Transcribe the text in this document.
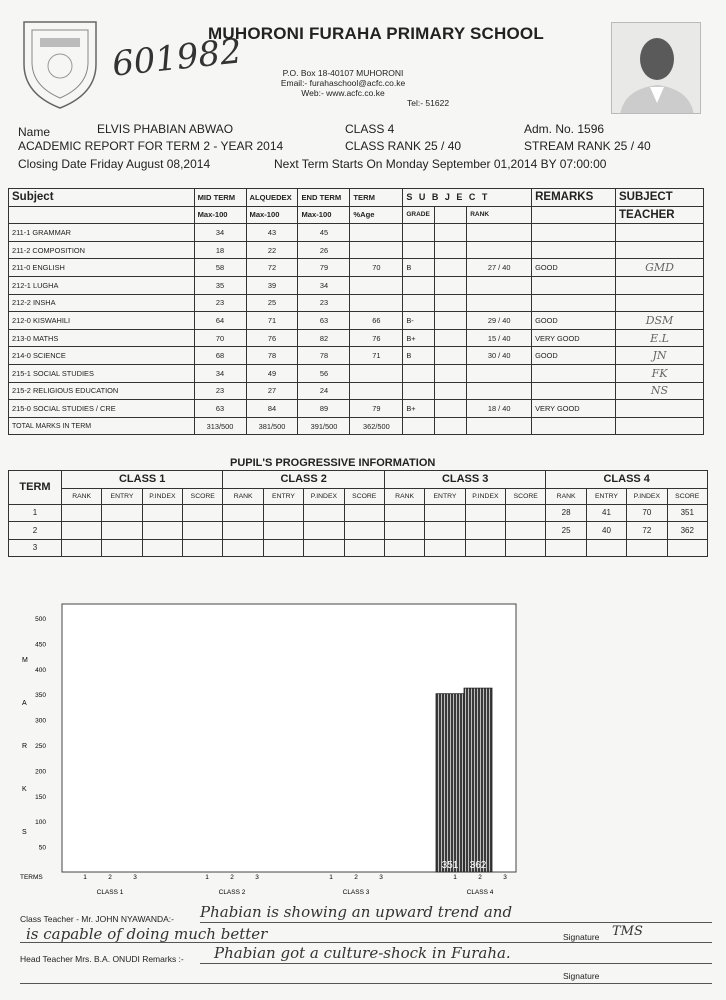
601982
MUHORONI FURAHA PRIMARY SCHOOL
P.O. Box 18-40107 MUHORONI
Email:- furahaschool@acfc.co.ke
Web:- www.acfc.co.ke
Tel:- 51622
Name	ELVIS PHABIAN ABWAO	CLASS 4	Adm. No. 1596
ACADEMIC REPORT FOR TERM 2 - YEAR 2014	CLASS RANK 25 / 40	STREAM RANK 25 / 40
Closing Date Friday August 08,2014	Next Term Starts On Monday September 01,2014 BY 07:00:00
Subject	MID TERM	ALQUEDEX	END TERM	TERM	S U B J E C T			REMARKS	SUBJECT
	Max-100	Max-100	Max-100	%Age	GRADE		RANK		TEACHER
211-1 GRAMMAR	34	43	45						
211-2 COMPOSITION	18	22	26						
211-0 ENGLISH	58	72	79	70	B		27 / 40	GOOD	GMD
212-1 LUGHA	35	39	34						
212-2 INSHA	23	25	23						
212-0 KISWAHILI	64	71	63	66	B-		29 / 40	GOOD	DSM
213-0 MATHS	70	76	82	76	B+		15 / 40	VERY GOOD	E.L
214-0 SCIENCE	68	78	78	71	B		30 / 40	GOOD	JN
215-1 SOCIAL STUDIES	34	49	56						FK
215-2 RELIGIOUS EDUCATION	23	27	24						NS
215-0 SOCIAL STUDIES / CRE	63	84	89	79	B+		18 / 40	VERY GOOD	
TOTAL MARKS IN TERM	313/500	381/500	391/500	362/500					
PUPIL'S PROGRESSIVE INFORMATION
TERM	CLASS 1				CLASS 2				CLASS 3				CLASS 4			
	RANK	ENTRY	P.INDEX	SCORE	RANK	ENTRY	P.INDEX	SCORE	RANK	ENTRY	P.INDEX	SCORE	RANK	ENTRY	P.INDEX	SCORE
1													28	41	70	351
2													25	40	72	362
3																
500
450
400
350
300
250
200
150
100
50
M
A
R
K
S
TERMS
CLASS 1
1	2	3
CLASS 2
1	2	3
CLASS 3
1	2	3
CLASS 4
1	2	3
351 362
Class Teacher - Mr. JOHN NYAWANDA:- Phabian is showing an upward trend and
is capable of doing much better	Signature TMS
Head Teacher Mrs. B.A. ONUDI Remarks :- Phabian got a culture-shock in Furaha.
Signature
